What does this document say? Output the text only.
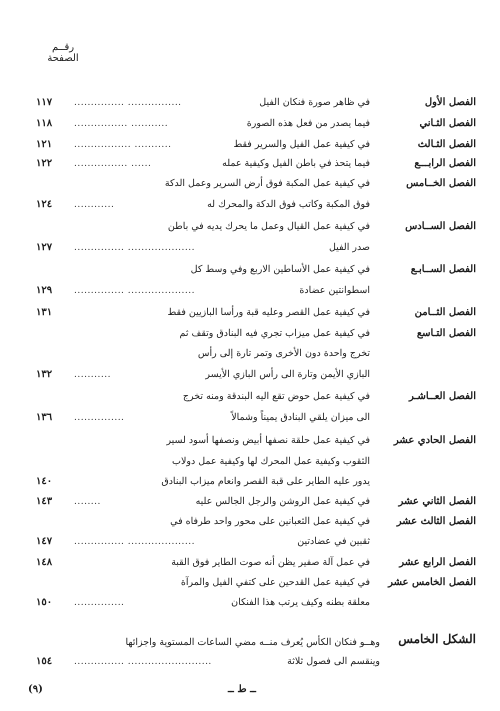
رقــم
الصفحة
الفصل الأول
في ظاهر صورة فنكان الفيل
............... ................
١١٧
الفصل الثـاني
فيما يصدر من فعل هذه الصورة
................ ...........
١١٨
الفصل الثـالث
في كيفية عمل الفيل والسرير فقط
................. ...........
١٢١
الفصل الرابـــع
فيما يتحذ في باطن الفيل وكيفية عمله
................ ......
١٢٢
الفصل الخــامس
في كيفية عمل المكبة فوق أرض السرير وعمل الدكة
فوق المكبة وكاتب فوق الدكة والمحرك له
............
١٢٤
الفصل الســادس
في كيفية عمل القيال وعمل ما يحرك يديه في باطن
صدر الفيل
............... ....................
١٢٧
الفصل الســابـع
في كيفية عمل الأساطين الاربع وفي وسط كل
اسطوانتين عضادة
............... ....................
١٢٩
الفصل الثــامن
في كيفية عمل القصر وعليه قبة ورأسا البازيين فقط
١٣١
الفصل التـاسع
في كيفية عمل ميزاب تجري فيه البنادق وتقف ثم
تخرج واحدة دون الأخرى وتمر تارة إلى رأس
البازي الأيمن وتارة الى رأس البازي الأيسر
...........
١٣٢
الفصل العــاشـر
في كيفية عمل حوض تقع اليه البندقة ومنه تخرج
الى ميزان يلقي البنادق يميناً وشمالاً
...............
١٣٦
الفصل الحادي عشر
في كيفية عمل حلقة نصفها أبيض ونصفها أسود لسير
الثقوب وكيفية عمل المحرك لها وكيفية عمل دولاب
يدور عليه الطاير على قبة القصر وانعام ميزاب البنادق
١٤٠
الفصل الثاني عشر
في كيفية عمل الروشن والرجل الجالس عليه
........
١٤٣
الفصل الثالث عشر
في كيفية عمل الثعبانين على محور واحد طرفاه في
ثقبين في عضادتين
............... ....................
١٤٧
الفصل الرابع عشر
في عمل آلة صفير يظن أنه صوت الطاير فوق القبة
١٤٨
الفصل الخامس عشر
في كيفية عمل القدحين على كتفي الفيل والمرآة
معلقة بطنه وكيف يرتب هذا الفنكان
...............
١٥٠
الشكل الخامس
وهــو فنكان الكأس يُعرف منــه مضي الساعات المستوية واجزائها
وينقسم الى فصول ثلاثة
............... .........................
١٥٤
(٩)	ــ ط ــ
